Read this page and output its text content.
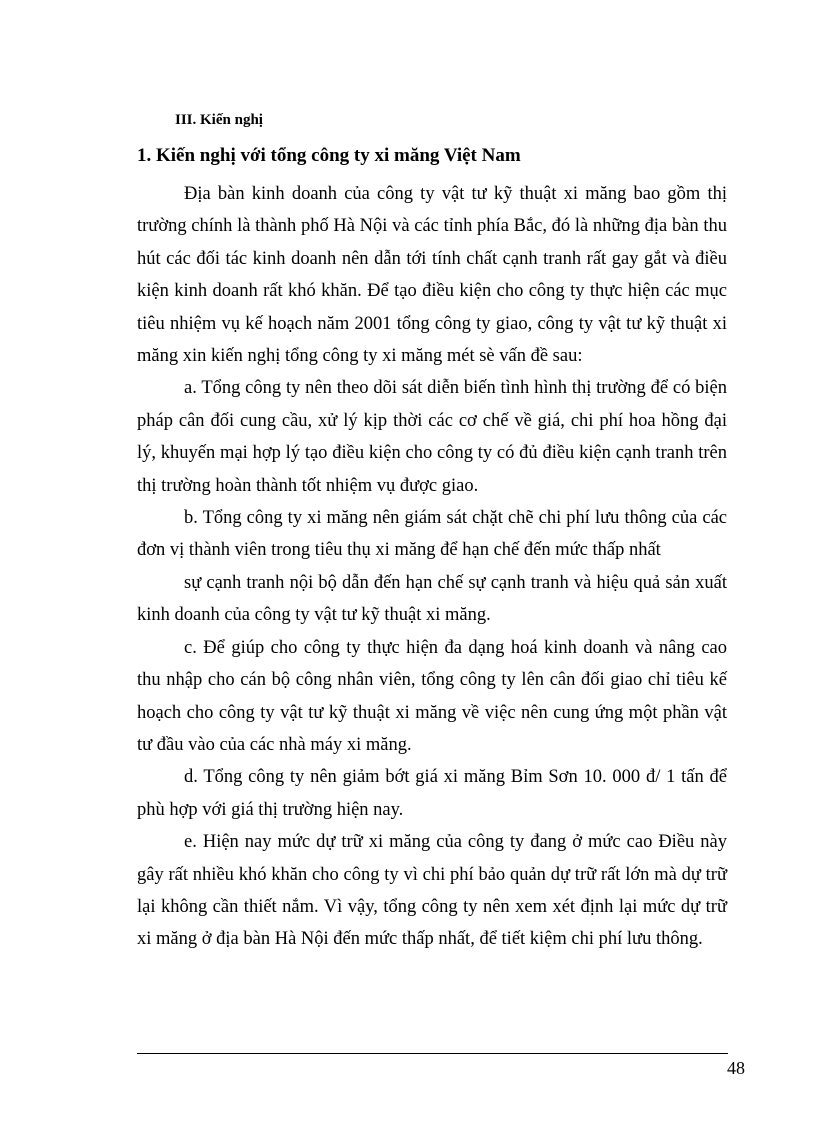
III. Kiến nghị

1. Kiến nghị với tổng công ty xi măng Việt Nam

Địa bàn kinh doanh của công ty vật tư kỹ thuật xi măng bao gồm thị trường chính là thành phố Hà Nội và các tỉnh phía Bắc, đó là những địa bàn thu hút các đối tác kinh doanh nên dẫn tới tính chất cạnh tranh rất gay gắt và điều kiện kinh doanh rất khó khăn. Để tạo điều kiện cho công ty thực hiện các mục tiêu nhiệm vụ kế hoạch năm 2001 tổng công ty giao, công ty vật tư kỹ thuật xi măng xin kiến nghị tổng công ty xi măng mét sè vấn đề sau:

a. Tổng công ty nên theo dõi sát diễn biến tình hình thị trường để có biện pháp cân đối cung cầu, xử lý kịp thời các cơ chế về giá, chi phí hoa hồng đại lý, khuyến mại hợp lý tạo điều kiện cho công ty có đủ điều kiện cạnh tranh trên thị trường hoàn thành tốt nhiệm vụ được giao.

b. Tổng công ty xi măng nên giám sát chặt chẽ chi phí lưu thông của các đơn vị thành viên trong tiêu thụ xi măng để hạn chế đến mức thấp nhất

sự cạnh tranh nội bộ dẫn đến hạn chế sự cạnh tranh và hiệu quả sản xuất kinh doanh của công ty vật tư kỹ thuật xi măng.

c. Để giúp cho công ty thực hiện đa dạng hoá kinh doanh và nâng cao thu nhập cho cán bộ công nhân viên, tổng công ty lên cân đối giao chỉ tiêu kế hoạch cho công ty vật tư kỹ thuật xi măng về việc nên cung ứng một phần vật tư đầu vào của các nhà máy xi măng.

d. Tổng công ty nên giảm bớt giá xi măng Bỉm Sơn 10. 000 đ/ 1 tấn để phù hợp với giá thị trường hiện nay.

e. Hiện nay mức dự trữ xi măng của công ty đang ở mức cao Điều này gây rất nhiều khó khăn cho công ty vì chi phí bảo quản dự trữ rất lớn mà dự trữ lại không cần thiết nắm. Vì vậy, tổng công ty nên xem xét định lại mức dự trữ xi măng ở địa bàn Hà Nội đến mức thấp nhất, để tiết kiệm chi phí lưu thông.

48
